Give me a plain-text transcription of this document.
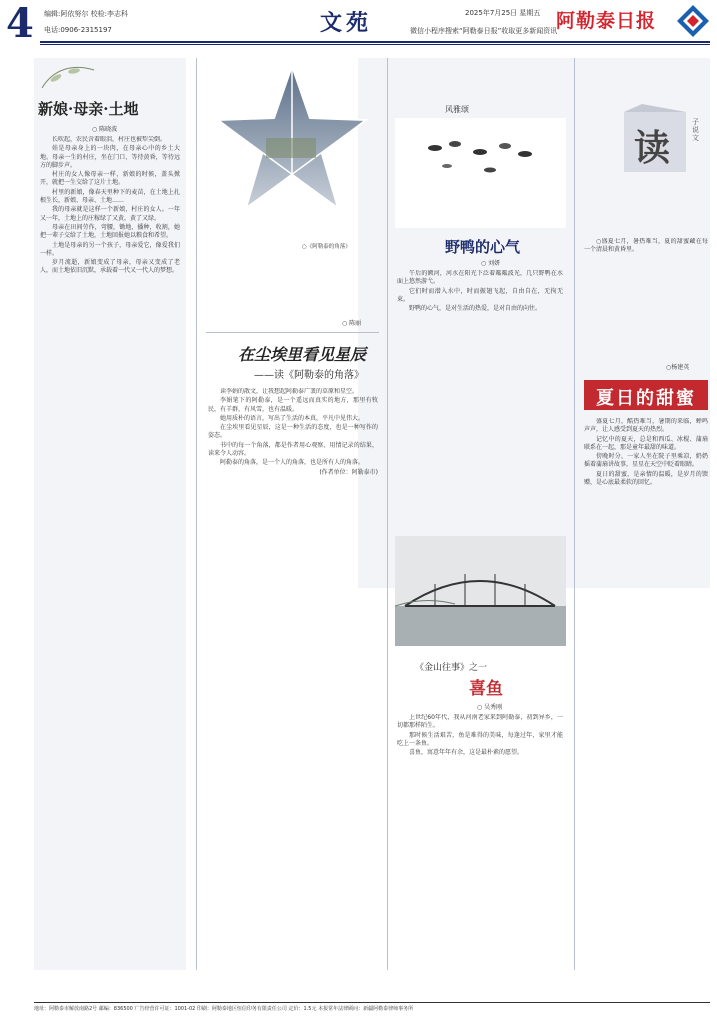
4 编辑:阿依努尔 校检:李志科
电话:0906-2315197	文苑	2025年7月25日 星期五
微信小程序搜索“阿勒泰日报”收取更多新闻资讯
阿勒泰日报
新娘·母亲·土地
○ 陈晓波

长吹起，农民含着眼泪，村庄也被犁尖倒。

娃是母亲身上的一块肉，在母亲心中的乡土大地。母亲一生的村庄，坐在门口，等待黄昏，等待远方的脚步声。

村庄的女人像母亲一样，新娘的时候，盖头掀开，就把一生交给了这片土地。

村里的新娘，像春天里种下的麦苗，在土地上扎根生长，新娘、母亲、土地……

我的母亲就是这样一个新娘，村庄的女人。一年又一年，土地上的庄稼绿了又黄，黄了又绿。

母亲在田间劳作，弯腰，锄地，播种，收割，她把一辈子交给了土地，土地回报她以粮食和希望。

土地是母亲的另一个孩子，母亲爱它，像爱我们一样。

岁月流逝，新娘变成了母亲，母亲又变成了老人，而土地依旧沉默，承载着一代又一代人的梦想。

○《阿勒泰的角落》
○ 陈丽
在尘埃里看见星辰
——读《阿勒泰的角落》

读李娟的散文，让我想起阿勒泰广袤的草原和星空。

李娟笔下的阿勒泰，是一个遥远而真实的地方，那里有牧民，有羊群，有风雪，也有温暖。

她用质朴的语言，写出了生活的本真，平凡中见伟大。

在尘埃里看见星辰，这是一种生活的态度，也是一种写作的姿态。

书中的每一个角落，都是作者用心观察、用情记录的结果，读来令人动容。

阿勒泰的角落，是一个人的角落，也是所有人的角落。

(作者单位：阿勒泰市)

风雅颂
野鸭的心气
○ 刘妍

午后的额河，河水在阳光下泛着粼粼波光，几只野鸭在水面上悠然游弋。

它们时而潜入水中，时而振翅飞起，自由自在，无拘无束。

野鸭的心气，是对生活的热爱，是对自由的向往。

《金山往事》之一
喜鱼
○ 吴秀刚

上世纪60年代，我从河南老家来到阿勒泰，初到异乡，一切都那样陌生。

那时候生活艰苦，鱼是难得的美味，每逢过年，家里才能吃上一条鱼。

喜鱼，寓意年年有余，这是最朴素的愿望。

读
子说文

○盛夏七月，暑热难当，夏的甜蜜藏在每一个清晨和黄昏里。

○杨建英
夏日的甜蜜

盛夏七月，酷热难当，暑期的来临，蝉鸣声声，让人感受到夏天的热烈。

记忆中的夏天，总是和西瓜、冰棍、蒲扇联系在一起，那是童年最甜的味道。

傍晚时分，一家人坐在院子里乘凉，奶奶摇着蒲扇讲故事，星星在天空中眨着眼睛。

夏日的甜蜜，是亲情的温暖，是岁月的馈赠，是心底最柔软的回忆。

地址：阿勒泰市解放南路2号 邮编：836500 广告经营许可证：1001-02 印刷：阿勒泰地区恒信印务有限责任公司 定价：1.5元 本报常年法律顾问：新疆阿勒泰律师事务所
